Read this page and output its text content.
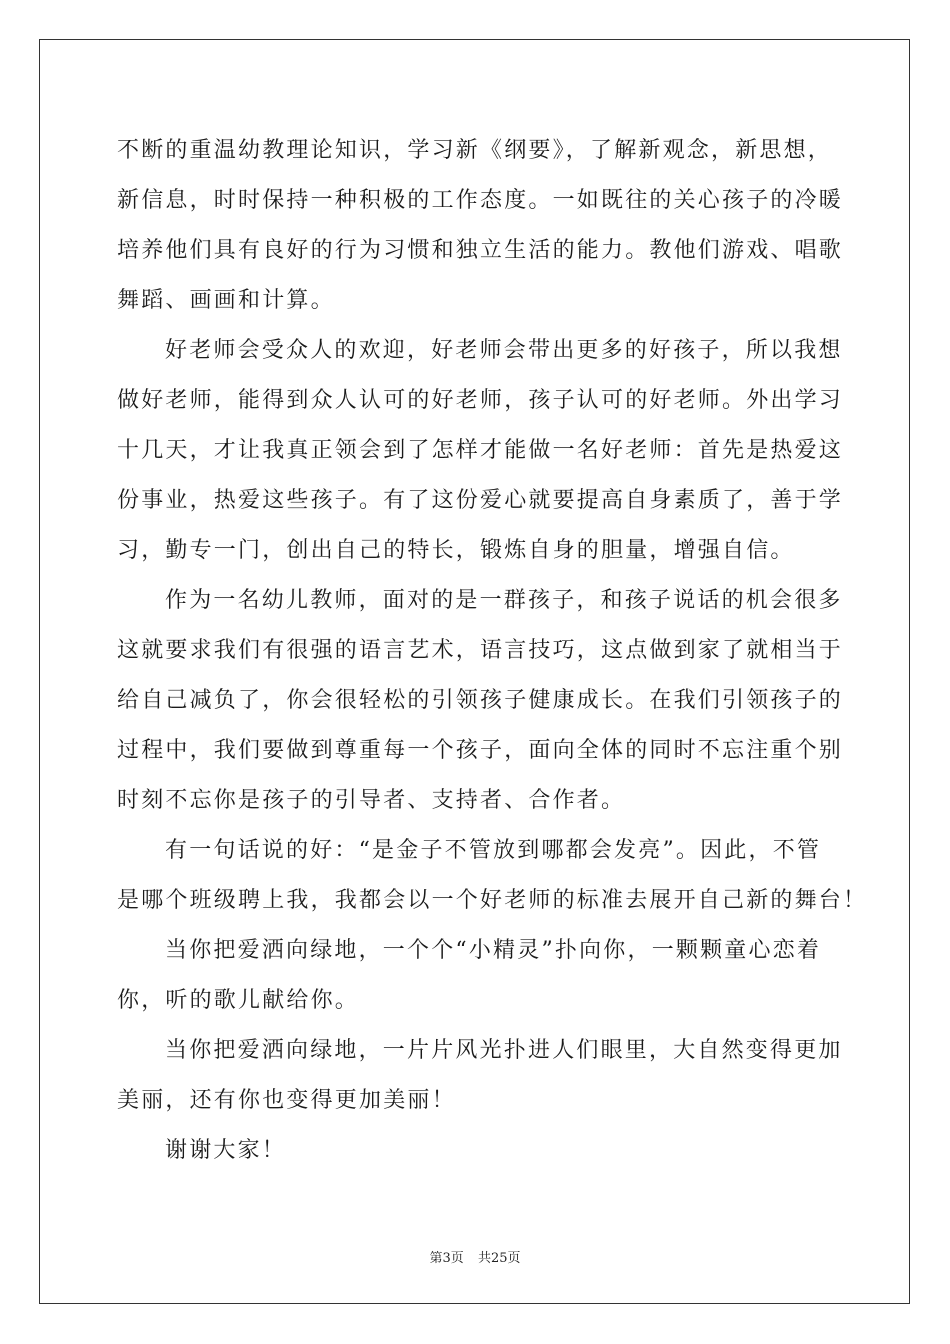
不断的重温幼教理论知识，学习新《纲要》，了解新观念，新思想，
新信息，时时保持一种积极的工作态度。一如既往的关心孩子的冷暖
培养他们具有良好的行为习惯和独立生活的能力。教他们游戏、唱歌
舞蹈、画画和计算。
好老师会受众人的欢迎，好老师会带出更多的好孩子，所以我想
做好老师，能得到众人认可的好老师，孩子认可的好老师。外出学习
十几天，才让我真正领会到了怎样才能做一名好老师：首先是热爱这
份事业，热爱这些孩子。有了这份爱心就要提高自身素质了，善于学
习，勤专一门，创出自己的特长，锻炼自身的胆量，增强自信。
作为一名幼儿教师，面对的是一群孩子，和孩子说话的机会很多
这就要求我们有很强的语言艺术，语言技巧，这点做到家了就相当于
给自己减负了，你会很轻松的引领孩子健康成长。在我们引领孩子的
过程中，我们要做到尊重每一个孩子，面向全体的同时不忘注重个别
时刻不忘你是孩子的引导者、支持者、合作者。
有一句话说的好：“是金子不管放到哪都会发亮”。因此，不管
是哪个班级聘上我，我都会以一个好老师的标准去展开自己新的舞台！
当你把爱洒向绿地，一个个“小精灵”扑向你，一颗颗童心恋着
你，听的歌儿献给你。
当你把爱洒向绿地，一片片风光扑进人们眼里，大自然变得更加
美丽，还有你也变得更加美丽！
谢谢大家！
第3页 共25页
